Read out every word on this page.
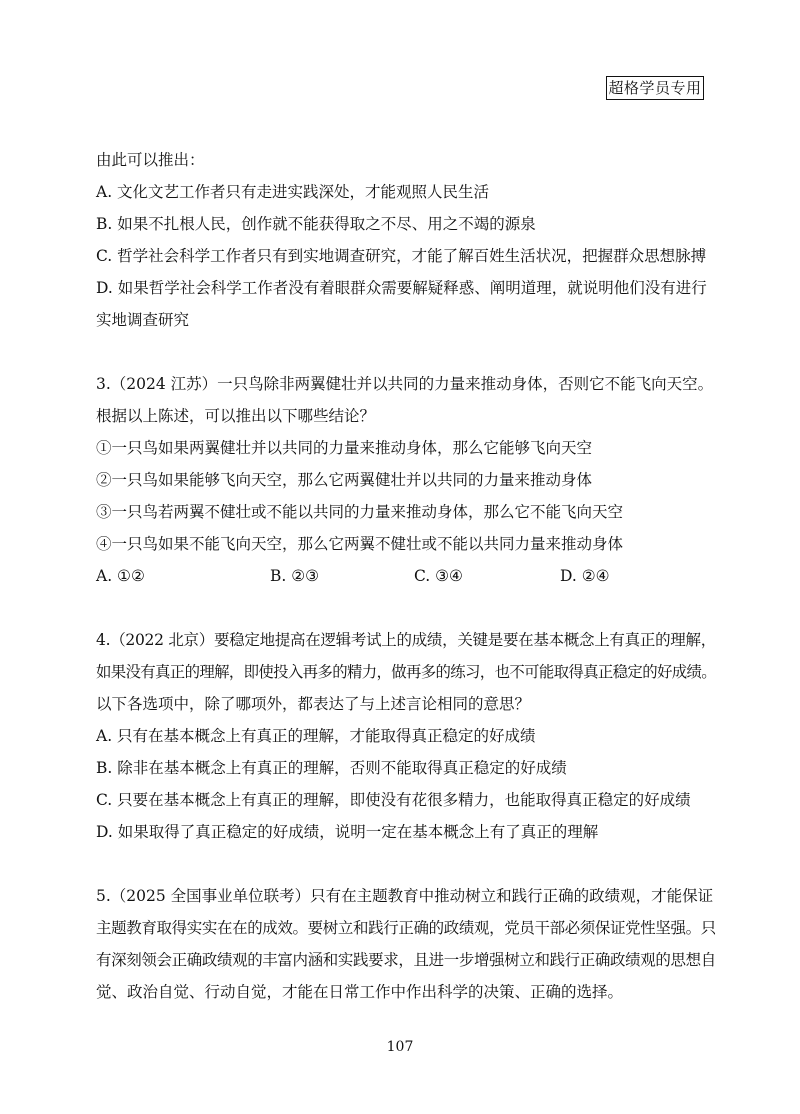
超格学员专用
由此可以推出：
A. 文化文艺工作者只有走进实践深处，才能观照人民生活
B. 如果不扎根人民，创作就不能获得取之不尽、用之不竭的源泉
C. 哲学社会科学工作者只有到实地调查研究，才能了解百姓生活状况，把握群众思想脉搏
D. 如果哲学社会科学工作者没有着眼群众需要解疑释惑、阐明道理，就说明他们没有进行
实地调查研究
3.（2024 江苏）一只鸟除非两翼健壮并以共同的力量来推动身体，否则它不能飞向天空。
根据以上陈述，可以推出以下哪些结论？
①一只鸟如果两翼健壮并以共同的力量来推动身体，那么它能够飞向天空
②一只鸟如果能够飞向天空，那么它两翼健壮并以共同的力量来推动身体
③一只鸟若两翼不健壮或不能以共同的力量来推动身体，那么它不能飞向天空
④一只鸟如果不能飞向天空，那么它两翼不健壮或不能以共同力量来推动身体
A. ①②	B. ②③	C. ③④	D. ②④
4.（2022 北京）要稳定地提高在逻辑考试上的成绩，关键是要在基本概念上有真正的理解，
如果没有真正的理解，即使投入再多的精力，做再多的练习，也不可能取得真正稳定的好成绩。
以下各选项中，除了哪项外，都表达了与上述言论相同的意思？
A. 只有在基本概念上有真正的理解，才能取得真正稳定的好成绩
B. 除非在基本概念上有真正的理解，否则不能取得真正稳定的好成绩
C. 只要在基本概念上有真正的理解，即使没有花很多精力，也能取得真正稳定的好成绩
D. 如果取得了真正稳定的好成绩，说明一定在基本概念上有了真正的理解
5.（2025 全国事业单位联考）只有在主题教育中推动树立和践行正确的政绩观，才能保证
主题教育取得实实在在的成效。要树立和践行正确的政绩观，党员干部必须保证党性坚强。只
有深刻领会正确政绩观的丰富内涵和实践要求，且进一步增强树立和践行正确政绩观的思想自
觉、政治自觉、行动自觉，才能在日常工作中作出科学的决策、正确的选择。
107
